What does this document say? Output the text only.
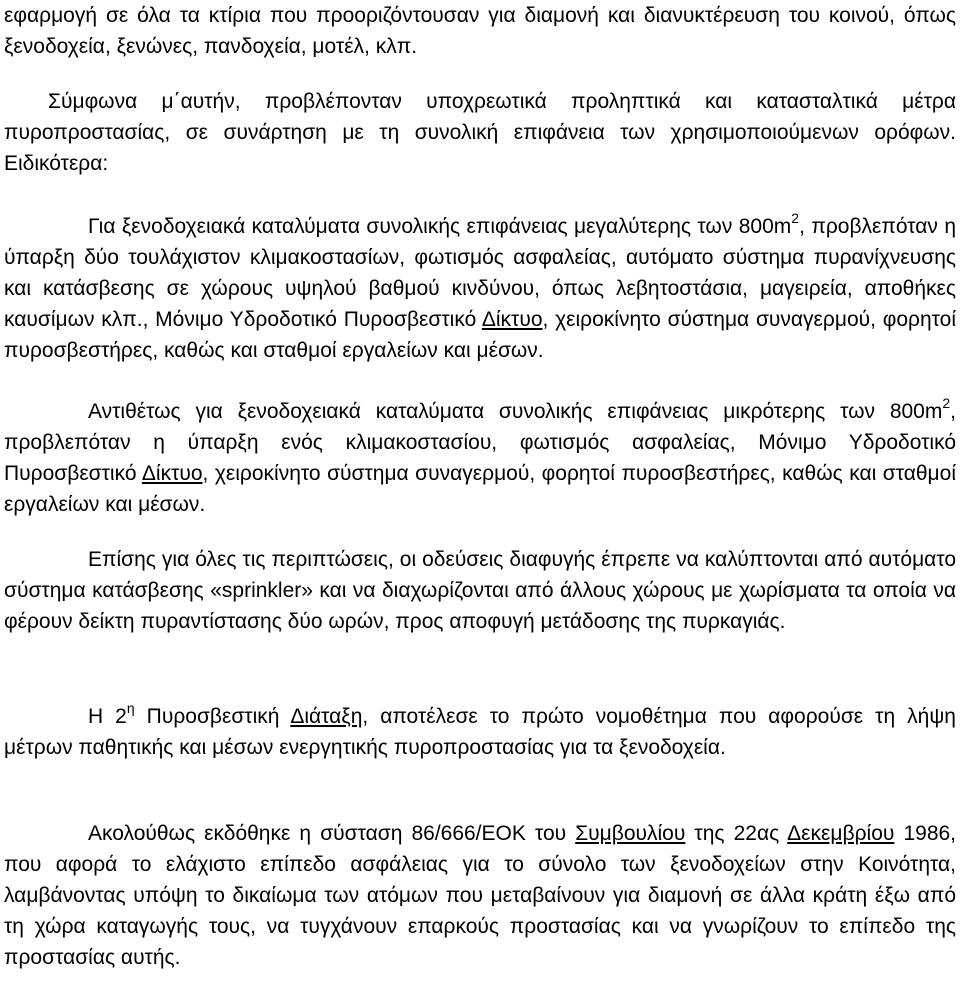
εφαρμογή σε όλα τα κτίρια που προοριζόντουσαν για διαμονή και διανυκτέρευση του κοινού, όπως ξενοδοχεία, ξενώνες, πανδοχεία, μοτέλ, κλπ.

Σύμφωνα μ΄αυτήν, προβλέπονταν υποχρεωτικά προληπτικά και κατασταλτικά μέτρα πυροπροστασίας, σε συνάρτηση με τη συνολική επιφάνεια των χρησιμοποιούμενων ορόφων. Ειδικότερα:

Για ξενοδοχειακά καταλύματα συνολικής επιφάνειας μεγαλύτερης των $800m^2$, προβλεπόταν η ύπαρξη δύο τουλάχιστον κλιμακοστασίων, φωτισμός ασφαλείας, αυτόματο σύστημα πυρανίχνευσης και κατάσβεσης σε χώρους υψηλού βαθμού κινδύνου, όπως λεβητοστάσια, μαγειρεία, αποθήκες καυσίμων κλπ., Μόνιμο Υδροδοτικό Πυροσβεστικό Δίκτυο, χειροκίνητο σύστημα συναγερμού, φορητοί πυροσβεστήρες, καθώς και σταθμοί εργαλείων και μέσων.

Αντιθέτως για ξενοδοχειακά καταλύματα συνολικής επιφάνειας μικρότερης των $800m^2$, προβλεπόταν η ύπαρξη ενός κλιμακοστασίου, φωτισμός ασφαλείας, Μόνιμο Υδροδοτικό Πυροσβεστικό Δίκτυο, χειροκίνητο σύστημα συναγερμού, φορητοί πυροσβεστήρες, καθώς και σταθμοί εργαλείων και μέσων.

Επίσης για όλες τις περιπτώσεις, οι οδεύσεις διαφυγής έπρεπε να καλύπτονται από αυτόματο σύστημα κατάσβεσης «sprinkler» και να διαχωρίζονται από άλλους χώρους με χωρίσματα τα οποία να φέρουν δείκτη πυραντίστασης δύο ωρών, προς αποφυγή μετάδοσης της πυρκαγιάς.

Η $2^\eta$ Πυροσβεστική Διάταξη, αποτέλεσε το πρώτο νομοθέτημα που αφορούσε τη λήψη μέτρων παθητικής και μέσων ενεργητικής πυροπροστασίας για τα ξενοδοχεία.

Ακολούθως εκδόθηκε η σύσταση 86/666/ΕΟΚ του Συμβουλίου της 22ας Δεκεμβρίου 1986, που αφορά το ελάχιστο επίπεδο ασφάλειας για το σύνολο των ξενοδοχείων στην Κοινότητα, λαμβάνοντας υπόψη το δικαίωμα των ατόμων που μεταβαίνουν για διαμονή σε άλλα κράτη έξω από τη χώρα καταγωγής τους, να τυγχάνουν επαρκούς προστασίας και να γνωρίζουν το επίπεδο της προστασίας αυτής.
